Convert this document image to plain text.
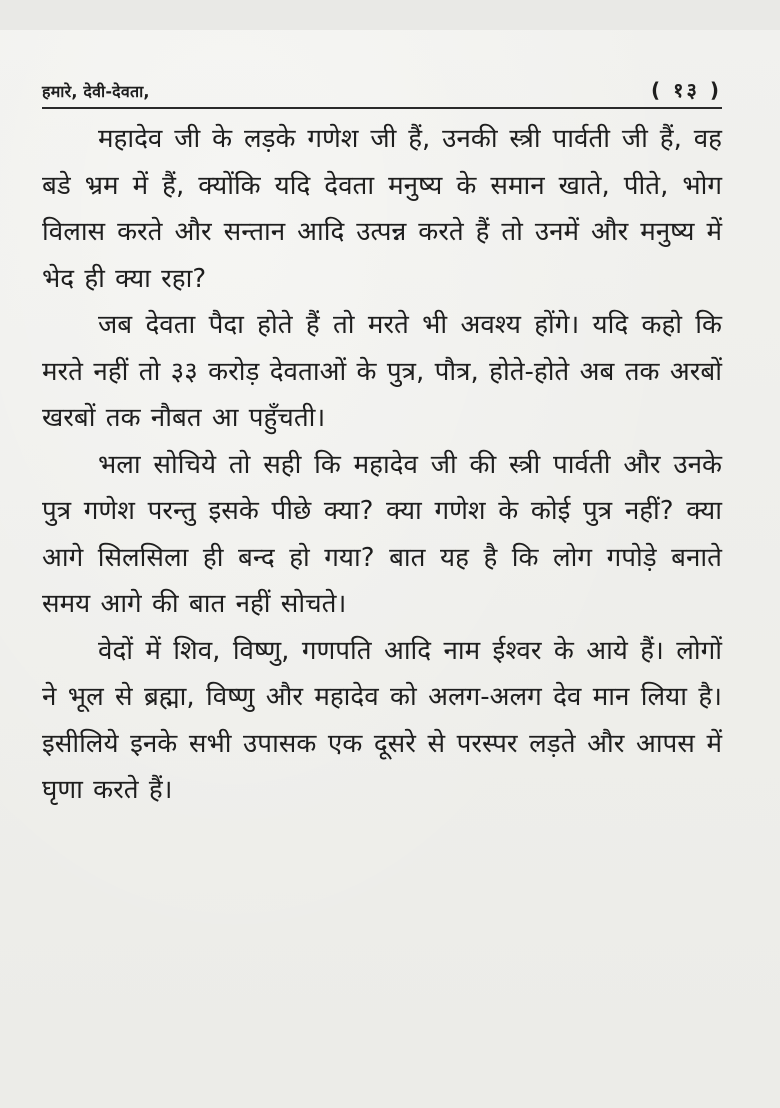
हमारे, देवी-देवता,	( १३ )

महादेव जी के लड़के गणेश जी हैं, उनकी स्त्री पार्वती जी हैं, वह बडे भ्रम में हैं, क्योंकि यदि देवता मनुष्य के समान खाते, पीते, भोग विलास करते और सन्तान आदि उत्पन्न करते हैं तो उनमें और मनुष्य में भेद ही क्या रहा?

जब देवता पैदा होते हैं तो मरते भी अवश्य होंगे। यदि कहो कि मरते नहीं तो ३३ करोड़ देवताओं के पुत्र, पौत्र, होते-होते अब तक अरबों खरबों तक नौबत आ पहुँचती।

भला सोचिये तो सही कि महादेव जी की स्त्री पार्वती और उनके पुत्र गणेश परन्तु इसके पीछे क्या? क्या गणेश के कोई पुत्र नहीं? क्या आगे सिलसिला ही बन्द हो गया? बात यह है कि लोग गपोड़े बनाते समय आगे की बात नहीं सोचते।

वेदों में शिव, विष्णु, गणपति आदि नाम ईश्वर के आये हैं। लोगों ने भूल से ब्रह्मा, विष्णु और महादेव को अलग-अलग देव मान लिया है। इसीलिये इनके सभी उपासक एक दूसरे से परस्पर लड़ते और आपस में घृणा करते हैं।
